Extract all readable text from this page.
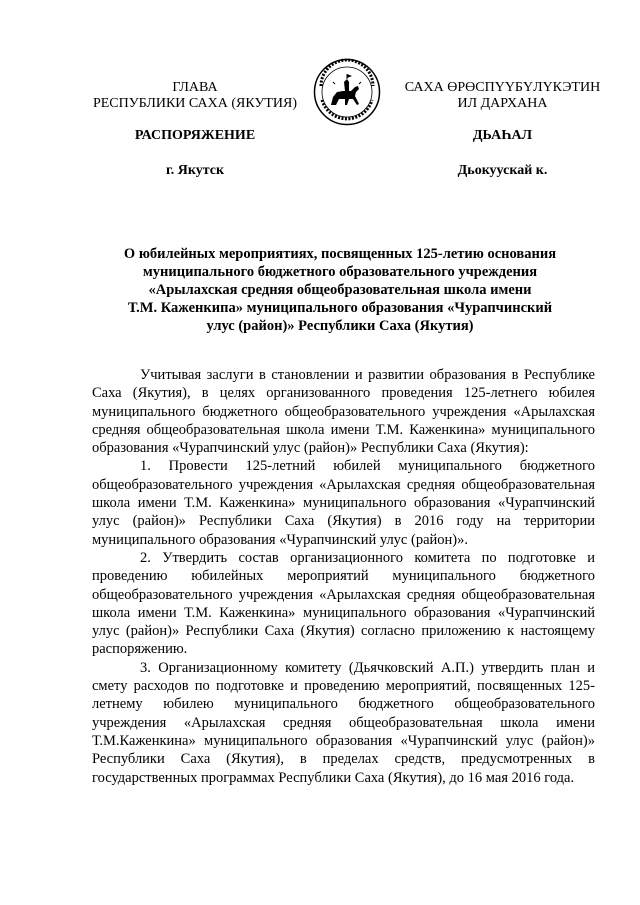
ГЛАВА
РЕСПУБЛИКИ САХА (ЯКУТИЯ)
САХА ӨРӨСПҮҮБҮЛҮКЭТИН
ИЛ ДАРХАНА
РАСПОРЯЖЕНИЕ	ДЬАҺАЛ
г. Якутск	Дьокуускай к.
О юбилейных мероприятиях, посвященных 125-летию основания
муниципального бюджетного образовательного учреждения
«Арылахская средняя общеобразовательная школа имени
Т.М. Каженкипа» муниципального образования «Чурапчинский
улус (район)» Республики Саха (Якутия)

Учитывая заслуги в становлении и развитии образования в Республике Саха (Якутия), в целях организованного проведения 125-летнего юбилея муниципального бюджетного общеобразовательного учреждения «Арылахская средняя общеобразовательная школа имени Т.М. Каженкина» муниципального образования «Чурапчинский улус (район)» Республики Саха (Якутия):

1. Провести 125-летний юбилей муниципального бюджетного общеобразовательного учреждения «Арылахская средняя общеобразовательная школа имени Т.М. Каженкина» муниципального образования «Чурапчинский улус (район)» Республики Саха (Якутия) в 2016 году на территории муниципального образования «Чурапчинский улус (район)».

2. Утвердить состав организационного комитета по подготовке и проведению юбилейных мероприятий муниципального бюджетного общеобразовательного учреждения «Арылахская средняя общеобразовательная школа имени Т.М. Каженкина» муниципального образования «Чурапчинский улус (район)» Республики Саха (Якутия) согласно приложению к настоящему распоряжению.

3. Организационному комитету (Дьячковский А.П.) утвердить план и смету расходов по подготовке и проведению мероприятий, посвященных 125-летнему юбилею муниципального бюджетного общеобразовательного учреждения «Арылахская средняя общеобразовательная школа имени Т.М.Каженкина» муниципального образования «Чурапчинский улус (район)» Республики Саха (Якутия), в пределах средств, предусмотренных в государственных программах Республики Саха (Якутия), до 16 мая 2016 года.
